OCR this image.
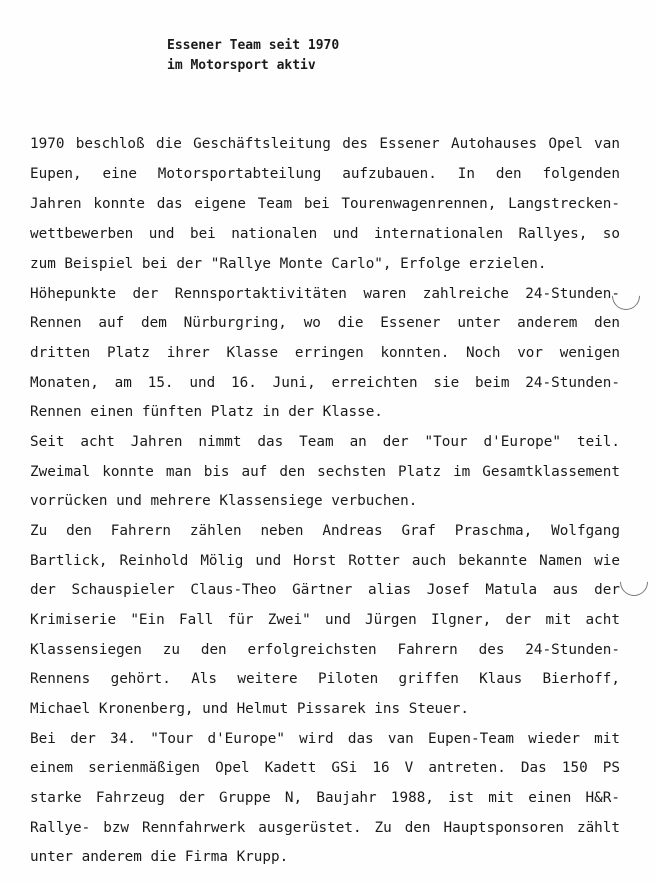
Essener Team seit 1970
im Motorsport aktiv
1970 beschloß die Geschäftsleitung des Essener Autohauses Opel van
Eupen, eine Motorsportabteilung aufzubauen. In den folgenden
Jahren konnte das eigene Team bei Tourenwagenrennen, Langstrecken-
wettbewerben und bei nationalen und internationalen Rallyes, so
zum Beispiel bei der "Rallye Monte Carlo", Erfolge erzielen.
Höhepunkte der Rennsportaktivitäten waren zahlreiche 24-Stunden-
Rennen auf dem Nürburgring, wo die Essener unter anderem den
dritten Platz ihrer Klasse erringen konnten. Noch vor wenigen
Monaten, am 15. und 16. Juni, erreichten sie beim 24-Stunden-
Rennen einen fünften Platz in der Klasse.
Seit acht Jahren nimmt das Team an der "Tour d'Europe" teil.
Zweimal konnte man bis auf den sechsten Platz im Gesamtklassement
vorrücken und mehrere Klassensiege verbuchen.
Zu den Fahrern zählen neben Andreas Graf Praschma, Wolfgang
Bartlick, Reinhold Mölig und Horst Rotter auch bekannte Namen wie
der Schauspieler Claus-Theo Gärtner alias Josef Matula aus der
Krimiserie "Ein Fall für Zwei" und Jürgen Ilgner, der mit acht
Klassensiegen zu den erfolgreichsten Fahrern des 24-Stunden-
Rennens gehört. Als weitere Piloten griffen Klaus Bierhoff,
Michael Kronenberg, und Helmut Pissarek ins Steuer.
Bei der 34. "Tour d'Europe" wird das van Eupen-Team wieder mit
einem serienmäßigen Opel Kadett GSi 16 V antreten. Das 150 PS
starke Fahrzeug der Gruppe N, Baujahr 1988, ist mit einen H&R-
Rallye- bzw Rennfahrwerk ausgerüstet. Zu den Hauptsponsoren zählt
unter anderem die Firma Krupp.
